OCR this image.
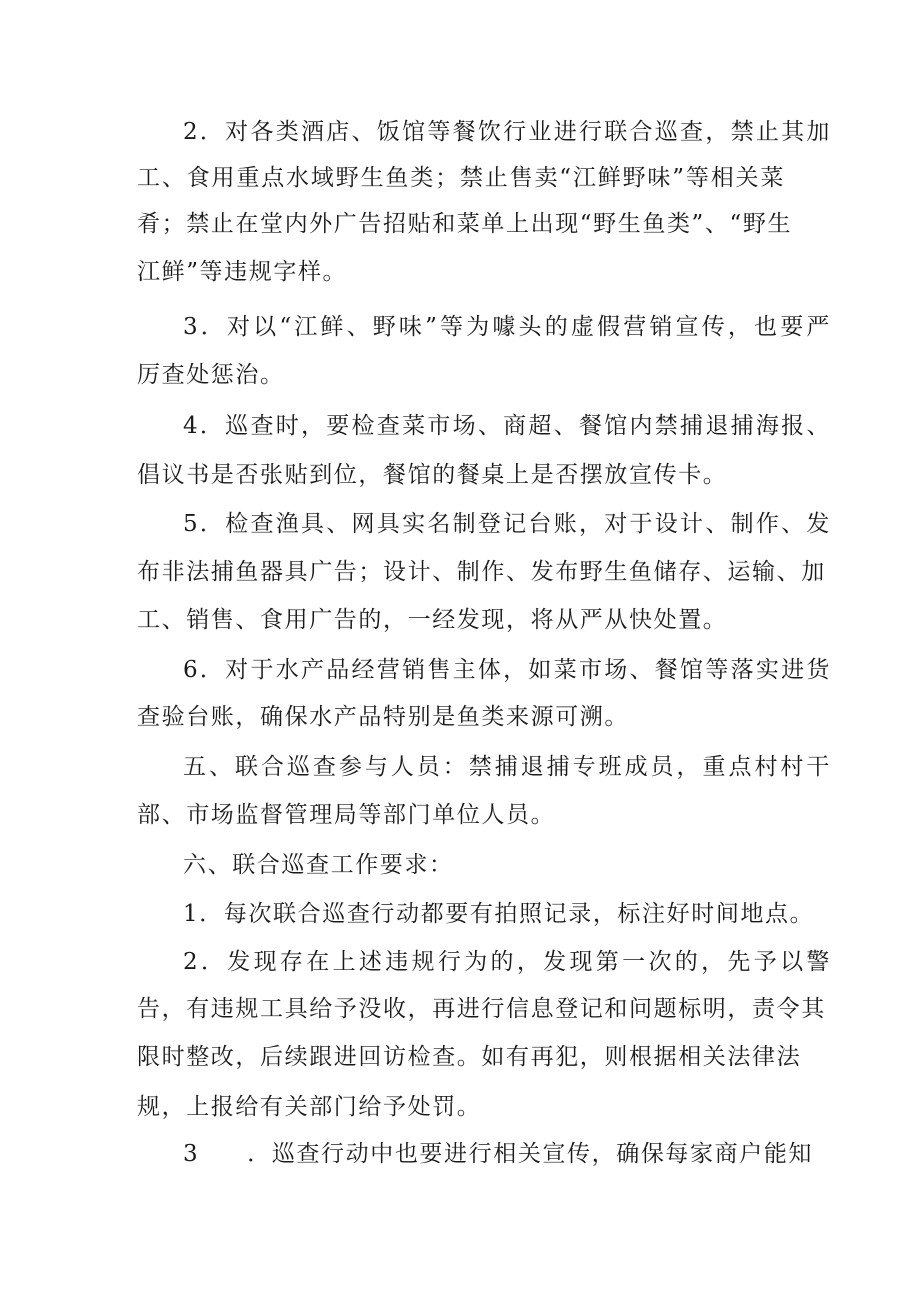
2．对各类酒店、饭馆等餐饮行业进行联合巡查，禁止其加
工、食用重点水域野生鱼类；禁止售卖“江鲜野味”等相关菜
肴；禁止在堂内外广告招贴和菜单上出现“野生鱼类”、“野生
江鲜”等违规字样。
3．对以“江鲜、野味”等为噱头的虚假营销宣传，也要严
厉查处惩治。
4．巡查时，要检查菜市场、商超、餐馆内禁捕退捕海报、
倡议书是否张贴到位，餐馆的餐桌上是否摆放宣传卡。
5．检查渔具、网具实名制登记台账，对于设计、制作、发
布非法捕鱼器具广告；设计、制作、发布野生鱼储存、运输、加
工、销售、食用广告的，一经发现，将从严从快处置。
6．对于水产品经营销售主体，如菜市场、餐馆等落实进货
查验台账，确保水产品特别是鱼类来源可溯。
五、联合巡查参与人员：禁捕退捕专班成员，重点村村干
部、市场监督管理局等部门单位人员。
六、联合巡查工作要求：
1．每次联合巡查行动都要有拍照记录，标注好时间地点。
2．发现存在上述违规行为的，发现第一次的，先予以警
告，有违规工具给予没收，再进行信息登记和问题标明，责令其
限时整改，后续跟进回访检查。如有再犯，则根据相关法律法
规，上报给有关部门给予处罚。
3 ．巡查行动中也要进行相关宣传，确保每家商户能知
